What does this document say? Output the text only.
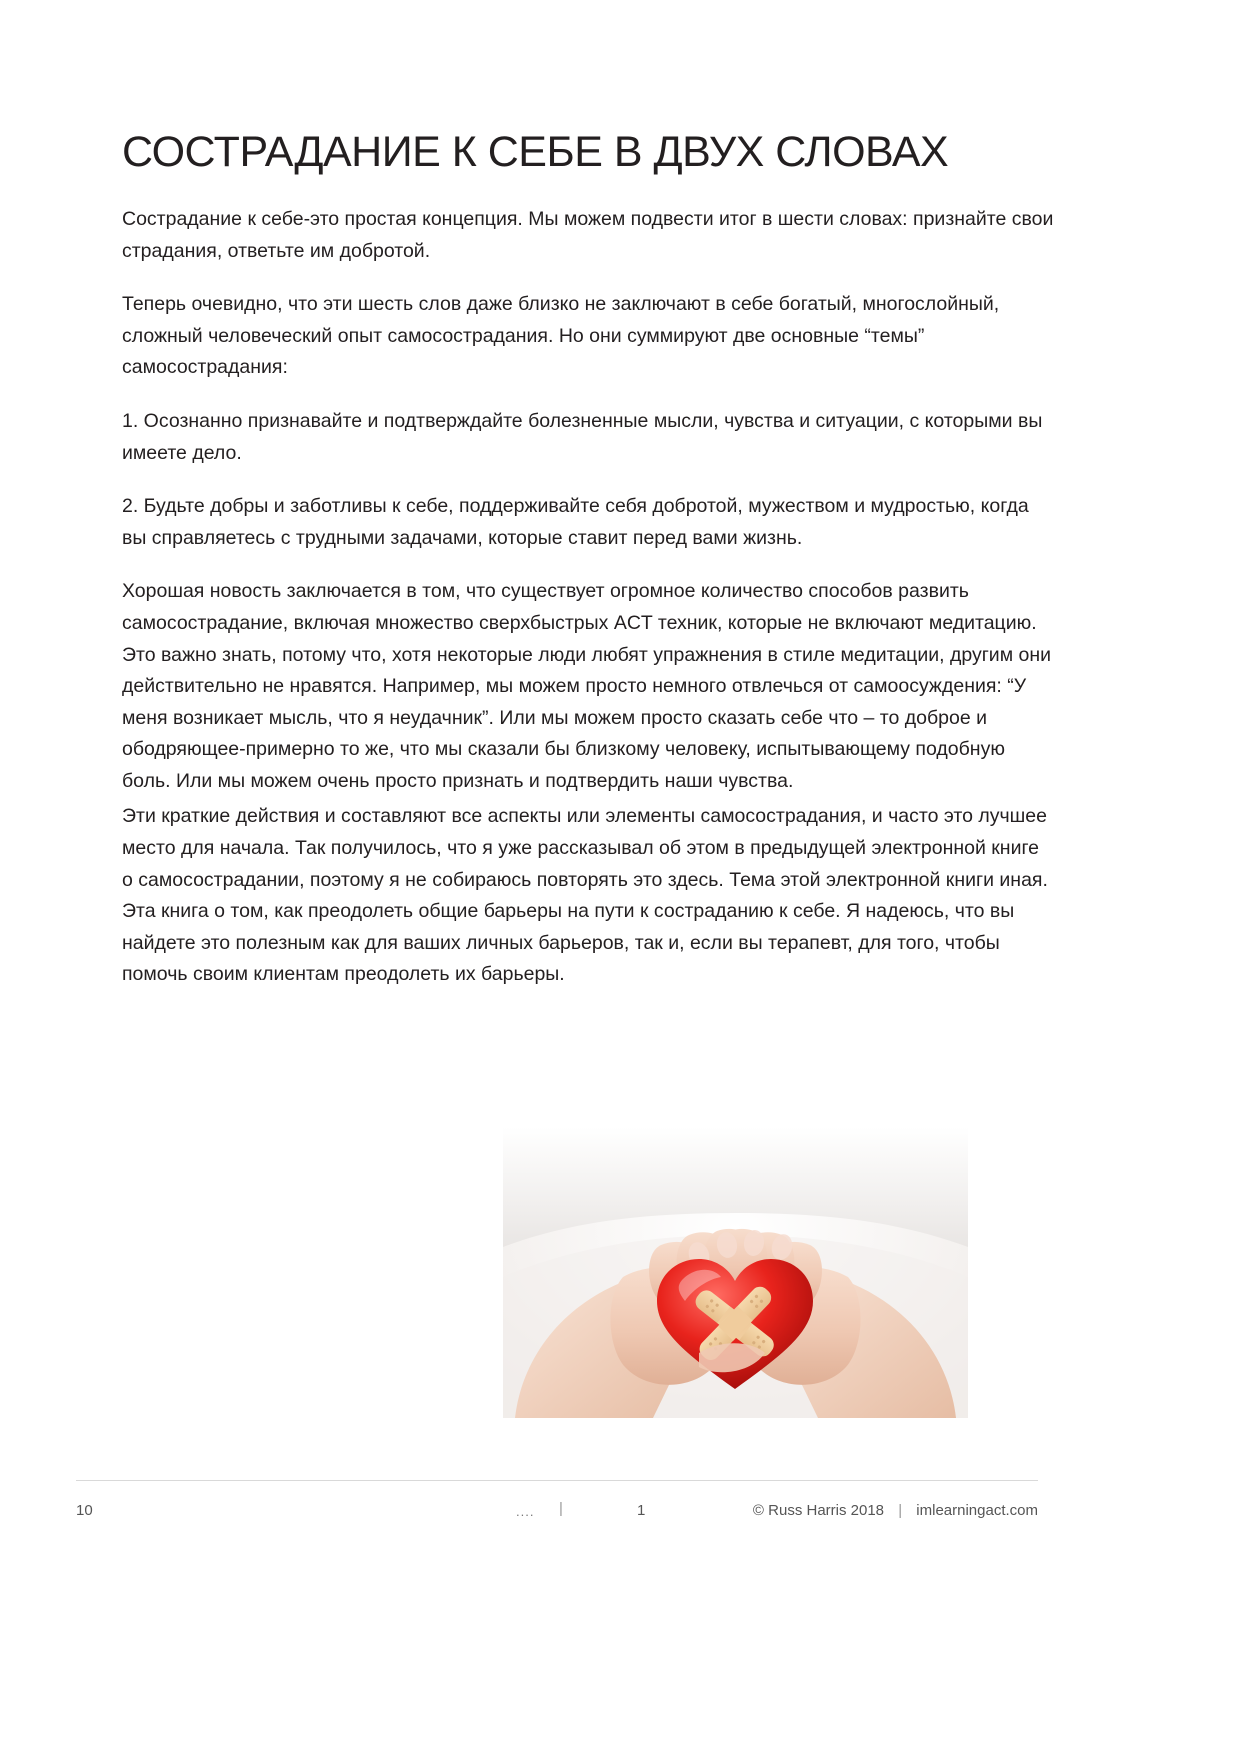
СОСТРАДАНИЕ К СЕБЕ В ДВУХ СЛОВАХ

Сострадание к себе-это простая концепция. Мы можем подвести итог в шести словах: признайте свои страдания, ответьте им добротой.

Теперь очевидно, что эти шесть слов даже близко не заключают в себе богатый, многослойный, сложный человеческий опыт самосострадания. Но они суммируют две основные “темы” самосострадания:

1. Осознанно признавайте и подтверждайте болезненные мысли, чувства и ситуации, с которыми вы имеете дело.

2. Будьте добры и заботливы к себе, поддерживайте себя добротой, мужеством и мудростью, когда вы справляетесь с трудными задачами, которые ставит перед вами жизнь.

Хорошая новость заключается в том, что существует огромное количество способов развить самосострадание, включая множество сверхбыстрых ACT техник, которые не включают медитацию. Это важно знать, потому что, хотя некоторые люди любят упражнения в стиле медитации, другим они действительно не нравятся. Например, мы можем просто немного отвлечься от самоосуждения: “У меня возникает мысль, что я неудачник”. Или мы можем просто сказать себе что – то доброе и ободряющее-примерно то же, что мы сказали бы близкому человеку, испытывающему подобную боль. Или мы можем очень просто признать и подтвердить наши чувства.

Эти краткие действия и составляют все аспекты или элементы самосострадания, и часто это лучшее место для начала. Так получилось, что я уже рассказывал об этом в предыдущей электронной книге о самосострадании, поэтому я не собираюсь повторять это здесь. Тема этой электронной книги иная. Эта книга о том, как преодолеть общие барьеры на пути к состраданию к себе. Я надеюсь, что вы найдете это полезным как для ваших личных барьеров, так и, если вы терапевт, для того, чтобы помочь своим клиентам преодолеть их барьеры.

10	.... |	1	© Russ Harris 2018 | imlearningact.com
